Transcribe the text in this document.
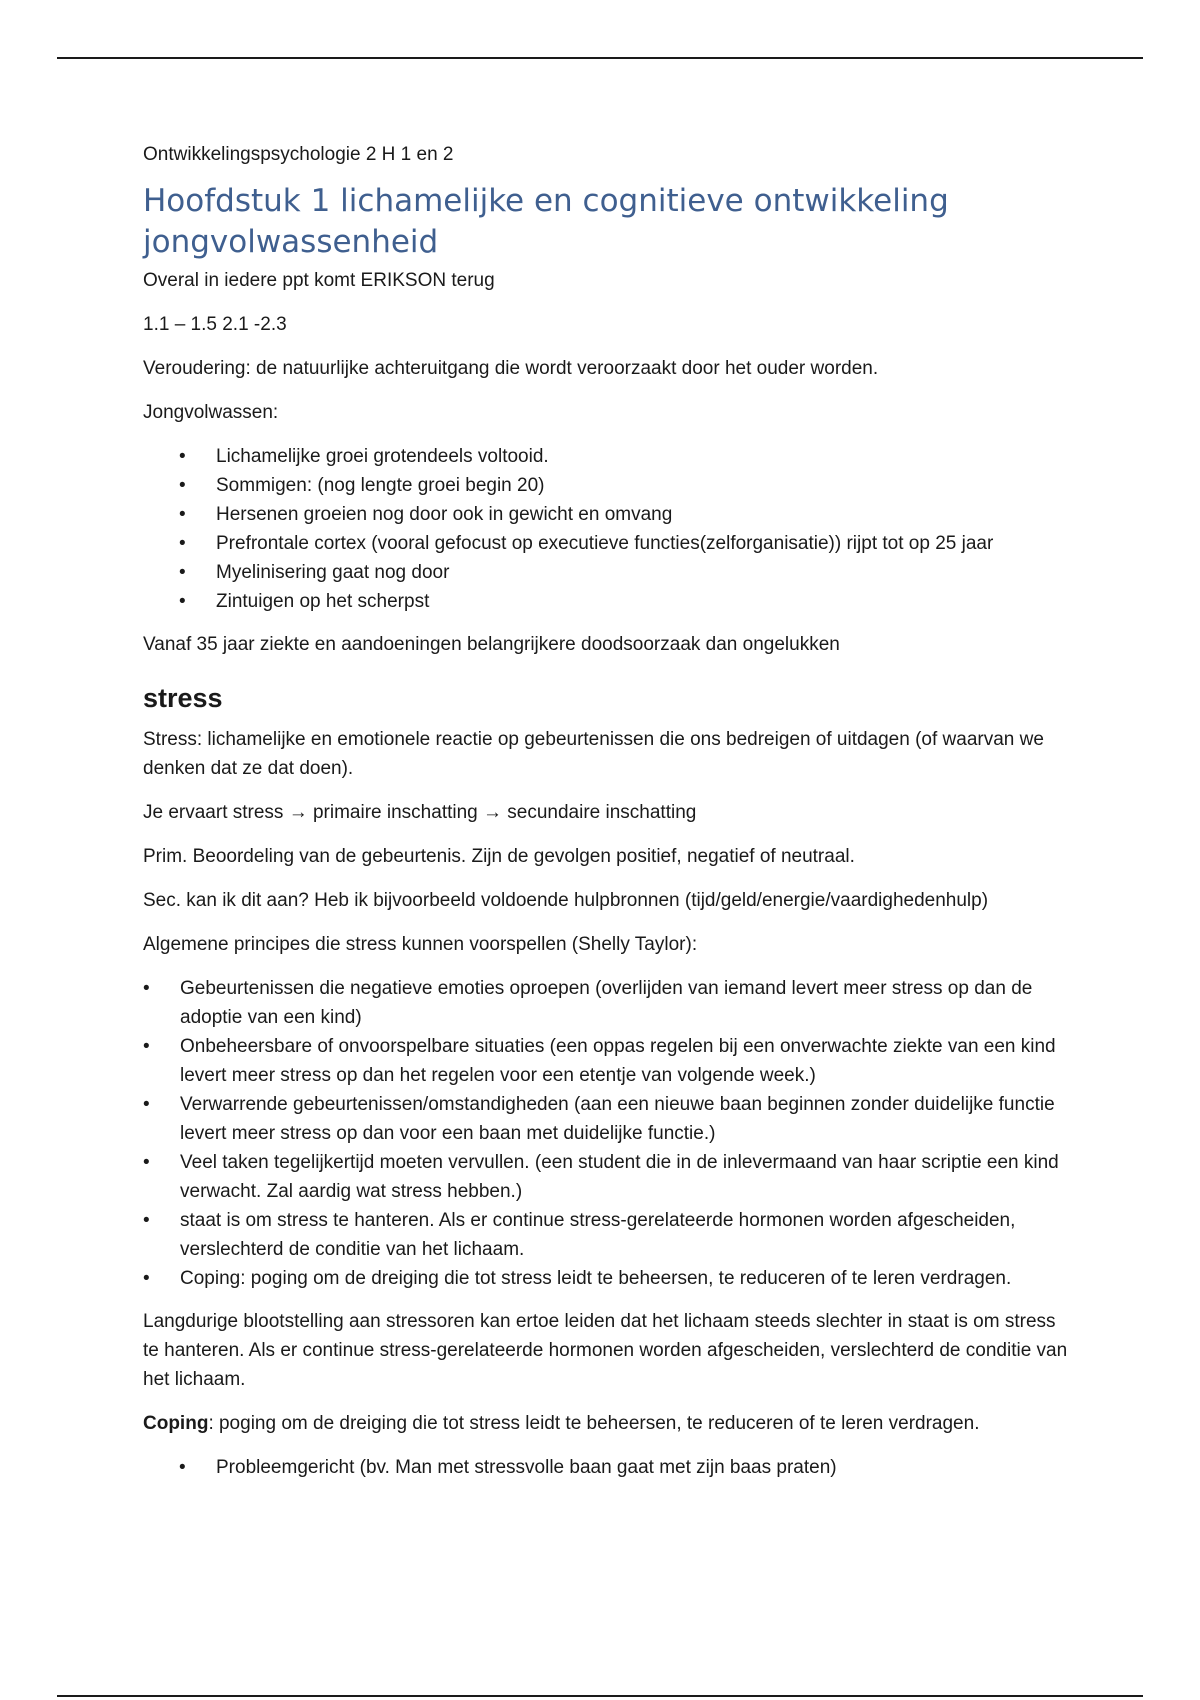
Ontwikkelingspsychologie 2 H 1 en 2

Hoofdstuk 1 lichamelijke en cognitieve ontwikkeling jongvolwassenheid

Overal in iedere ppt komt ERIKSON terug

1.1 – 1.5 2.1 -2.3

Veroudering: de natuurlijke achteruitgang die wordt veroorzaakt door het ouder worden.

Jongvolwassen:

• Lichamelijke groei grotendeels voltooid.
• Sommigen: (nog lengte groei begin 20)
• Hersenen groeien nog door ook in gewicht en omvang
• Prefrontale cortex (vooral gefocust op executieve functies(zelforganisatie)) rijpt tot op 25 jaar
• Myelinisering gaat nog door
• Zintuigen op het scherpst

Vanaf 35 jaar ziekte en aandoeningen belangrijkere doodsoorzaak dan ongelukken

stress

Stress: lichamelijke en emotionele reactie op gebeurtenissen die ons bedreigen of uitdagen (of waarvan we denken dat ze dat doen).

Je ervaart stress → primaire inschatting → secundaire inschatting

Prim. Beoordeling van de gebeurtenis. Zijn de gevolgen positief, negatief of neutraal.

Sec. kan ik dit aan? Heb ik bijvoorbeeld voldoende hulpbronnen (tijd/geld/energie/vaardighedenhulp)

Algemene principes die stress kunnen voorspellen (Shelly Taylor):

• Gebeurtenissen die negatieve emoties oproepen (overlijden van iemand levert meer stress op dan de adoptie van een kind)
• Onbeheersbare of onvoorspelbare situaties (een oppas regelen bij een onverwachte ziekte van een kind levert meer stress op dan het regelen voor een etentje van volgende week.)
• Verwarrende gebeurtenissen/omstandigheden (aan een nieuwe baan beginnen zonder duidelijke functie levert meer stress op dan voor een baan met duidelijke functie.)
• Veel taken tegelijkertijd moeten vervullen. (een student die in de inlevermaand van haar scriptie een kind verwacht. Zal aardig wat stress hebben.)
• staat is om stress te hanteren. Als er continue stress-gerelateerde hormonen worden afgescheiden, verslechterd de conditie van het lichaam.
• Coping: poging om de dreiging die tot stress leidt te beheersen, te reduceren of te leren verdragen.

Langdurige blootstelling aan stressoren kan ertoe leiden dat het lichaam steeds slechter in staat is om stress te hanteren. Als er continue stress-gerelateerde hormonen worden afgescheiden, verslechterd de conditie van het lichaam.

Coping: poging om de dreiging die tot stress leidt te beheersen, te reduceren of te leren verdragen.

• Probleemgericht (bv. Man met stressvolle baan gaat met zijn baas praten)
